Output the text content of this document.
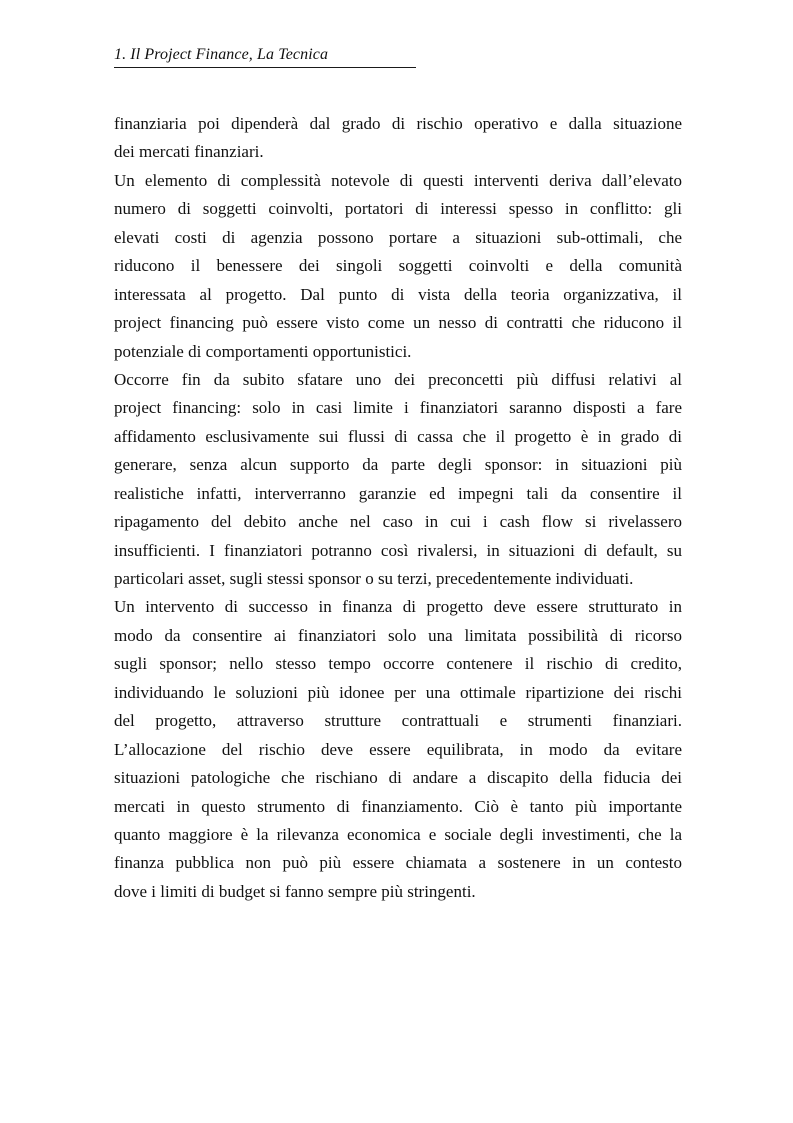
1. Il Project Finance, La Tecnica
finanziaria poi dipenderà dal grado di rischio operativo e dalla situazione
dei mercati finanziari.
Un elemento di complessità notevole di questi interventi deriva dall’elevato
numero di soggetti coinvolti, portatori di interessi spesso in conflitto: gli
elevati costi di agenzia possono portare a situazioni sub-ottimali, che
riducono il benessere dei singoli soggetti coinvolti e della comunità
interessata al progetto. Dal punto di vista della teoria organizzativa, il
project financing può essere visto come un nesso di contratti che riducono il
potenziale di comportamenti opportunistici.
Occorre fin da subito sfatare uno dei preconcetti più diffusi relativi al
project financing: solo in casi limite i finanziatori saranno disposti a fare
affidamento esclusivamente sui flussi di cassa che il progetto è in grado di
generare, senza alcun supporto da parte degli sponsor: in situazioni più
realistiche infatti, interverranno garanzie ed impegni tali da consentire il
ripagamento del debito anche nel caso in cui i cash flow si rivelassero
insufficienti. I finanziatori potranno così rivalersi, in situazioni di default, su
particolari asset, sugli stessi sponsor o su terzi, precedentemente individuati.
Un intervento di successo in finanza di progetto deve essere strutturato in
modo da consentire ai finanziatori solo una limitata possibilità di ricorso
sugli sponsor; nello stesso tempo occorre contenere il rischio di credito,
individuando le soluzioni più idonee per una ottimale ripartizione dei rischi
del progetto, attraverso strutture contrattuali e strumenti finanziari.
L’allocazione del rischio deve essere equilibrata, in modo da evitare
situazioni patologiche che rischiano di andare a discapito della fiducia dei
mercati in questo strumento di finanziamento. Ciò è tanto più importante
quanto maggiore è la rilevanza economica e sociale degli investimenti, che la
finanza pubblica non può più essere chiamata a sostenere in un contesto
dove i limiti di budget si fanno sempre più stringenti.
